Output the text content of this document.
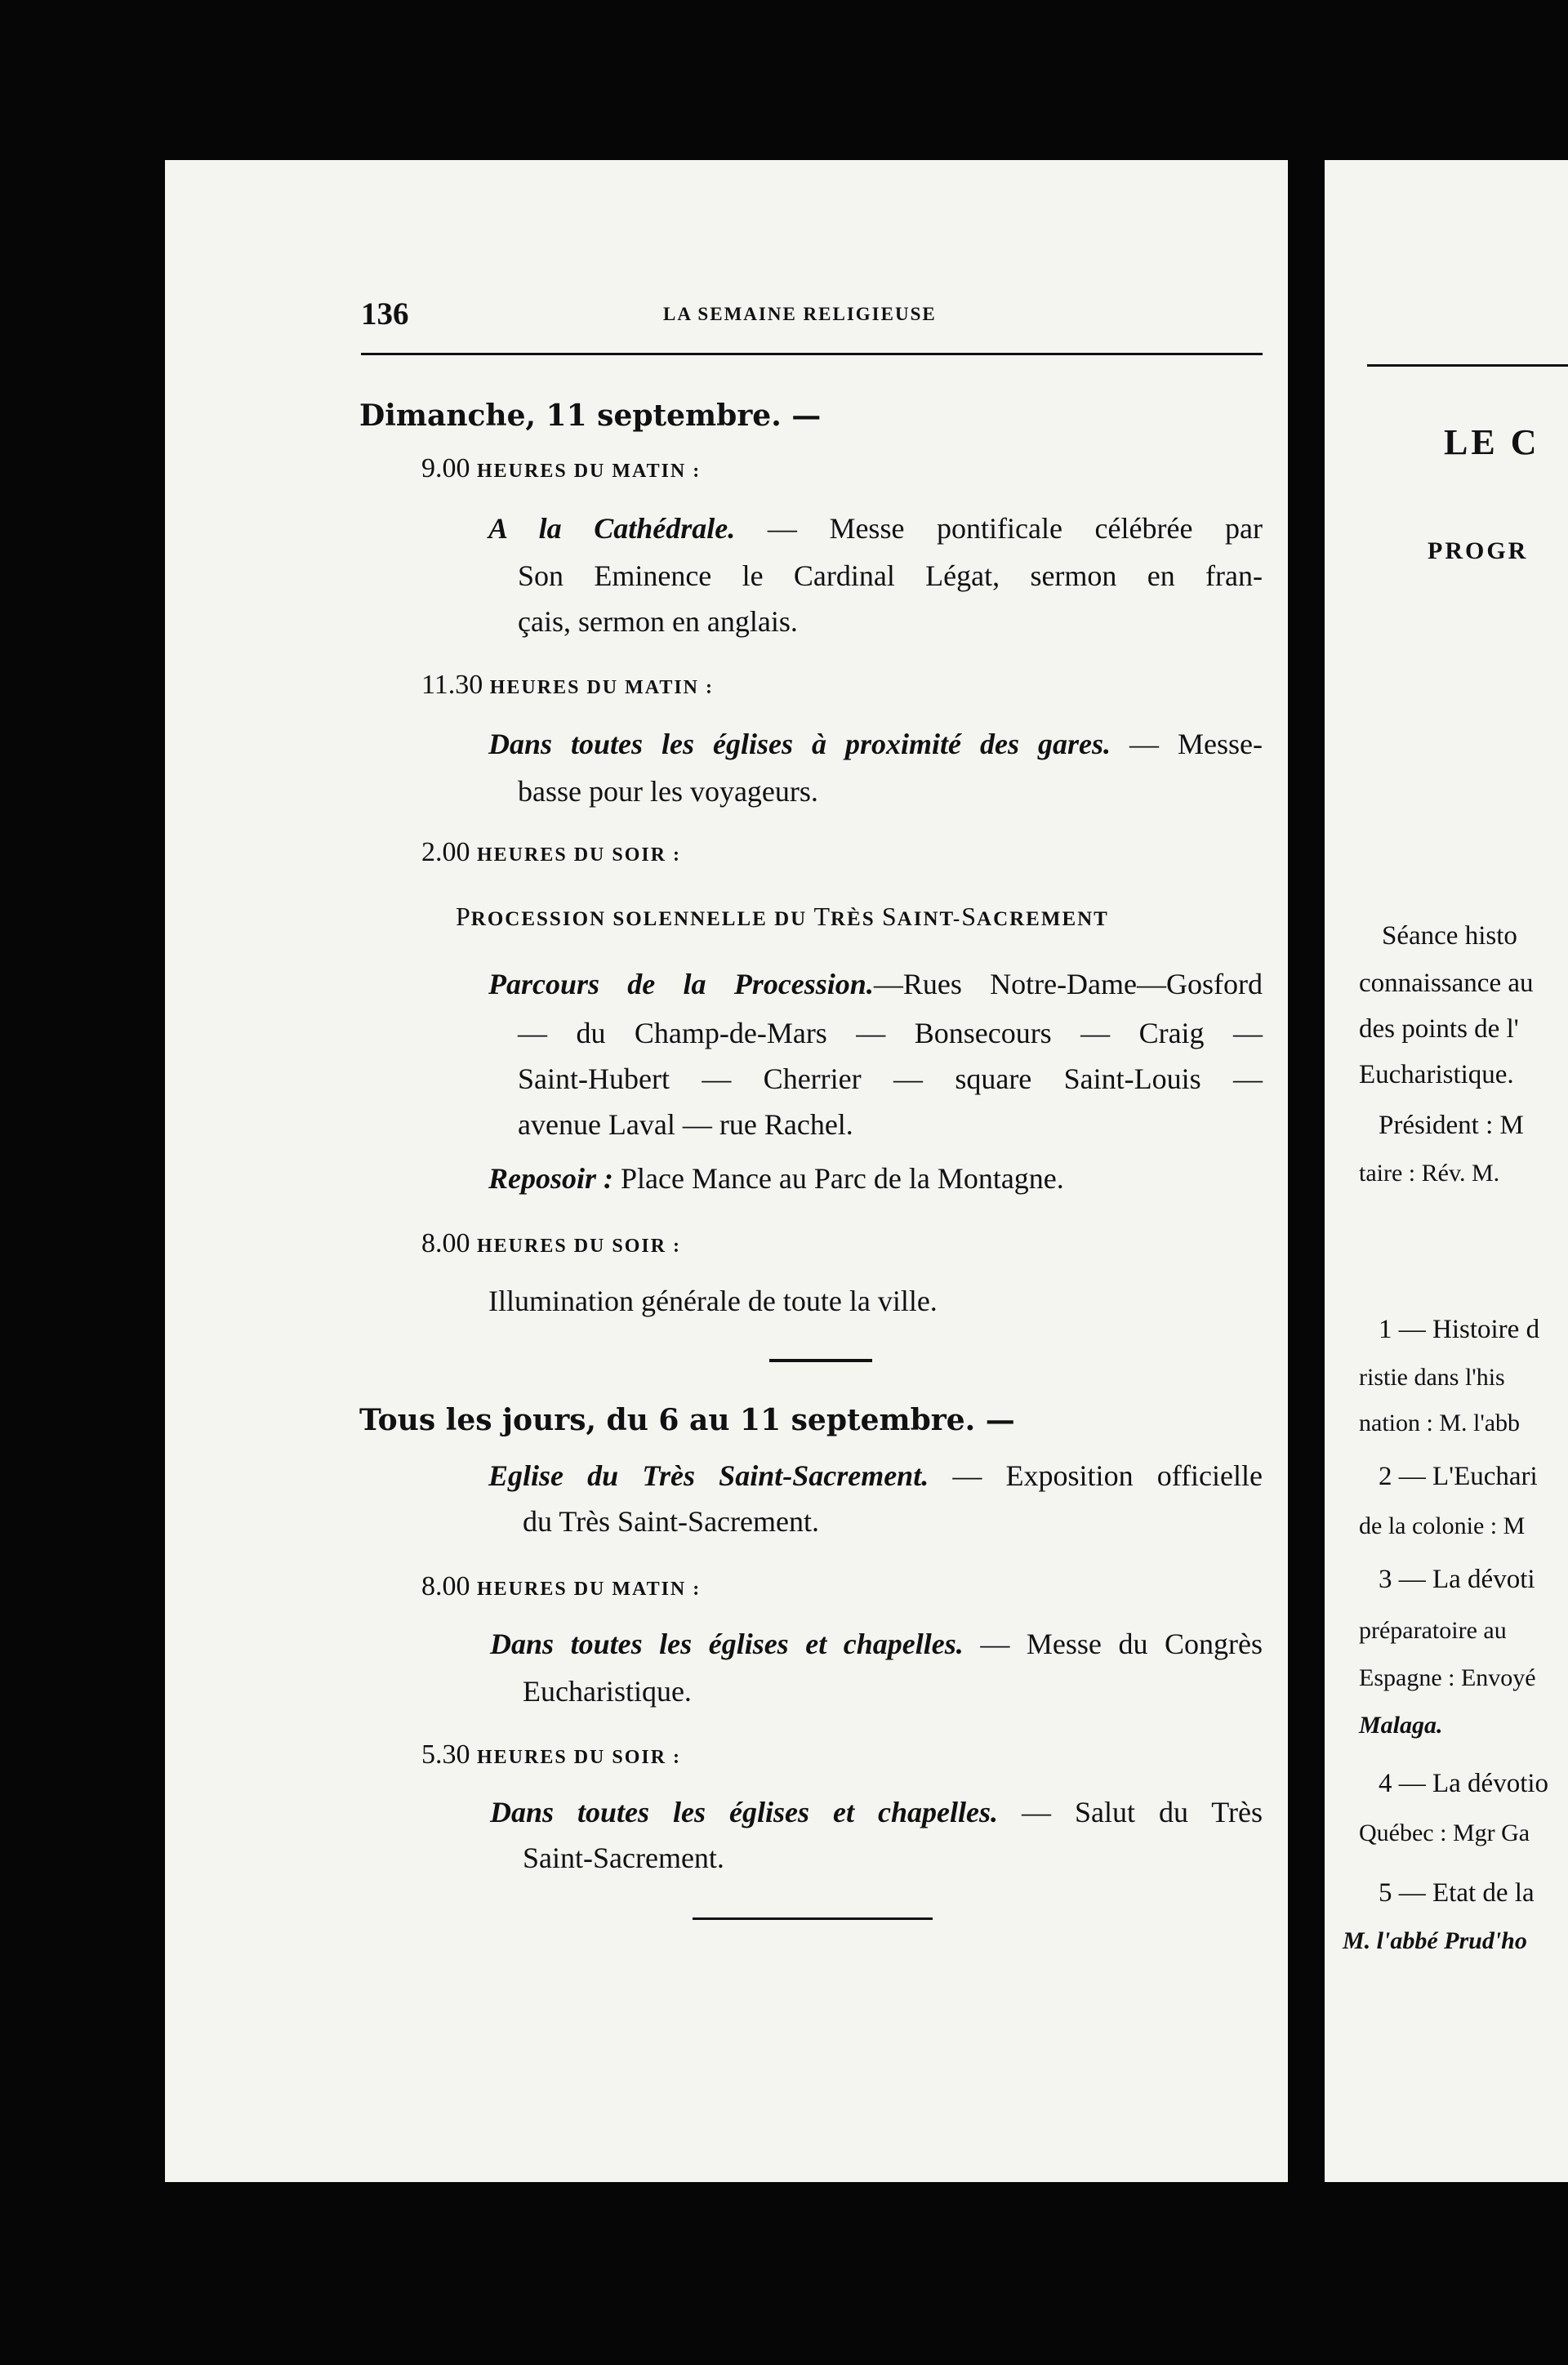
136	LA SEMAINE RELIGIEUSE
Dimanche, 11 septembre. —
9.00 HEURES DU MATIN :
A la Cathédrale. — Messe pontificale célébrée par
Son Eminence le Cardinal Légat, sermon en fran-
çais, sermon en anglais.
11.30 HEURES DU MATIN :
Dans toutes les églises à proximité des gares. — Messe-
basse pour les voyageurs.
2.00 HEURES DU SOIR :
PROCESSION SOLENNELLE DU TRÈS SAINT-SACREMENT
Parcours de la Procession.—Rues Notre-Dame—Gosford
— du Champ-de-Mars — Bonsecours — Craig —
Saint-Hubert — Cherrier — square Saint-Louis —
avenue Laval — rue Rachel.
Reposoir : Place Mance au Parc de la Montagne.
8.00 HEURES DU SOIR :
Illumination générale de toute la ville.
Tous les jours, du 6 au 11 septembre. —
Eglise du Très Saint-Sacrement. — Exposition officielle
du Très Saint-Sacrement.
8.00 HEURES DU MATIN :
Dans toutes les églises et chapelles. — Messe du Congrès
Eucharistique.
5.30 HEURES DU SOIR :
Dans toutes les églises et chapelles. — Salut du Très
Saint-Sacrement.
LE C
PROGR
Séance histo
connaissance au
des points de l'
Eucharistique.
Président : M
taire : Rév. M.
1 — Histoire d
ristie dans l'his
nation : M. l'abb
2 — L'Euchari
de la colonie : M
3 — La dévoti
préparatoire au
Espagne : Envoyé
Malaga.
4 — La dévotio
Québec : Mgr Ga
5 — Etat de la
M. l'abbé Prud'ho
